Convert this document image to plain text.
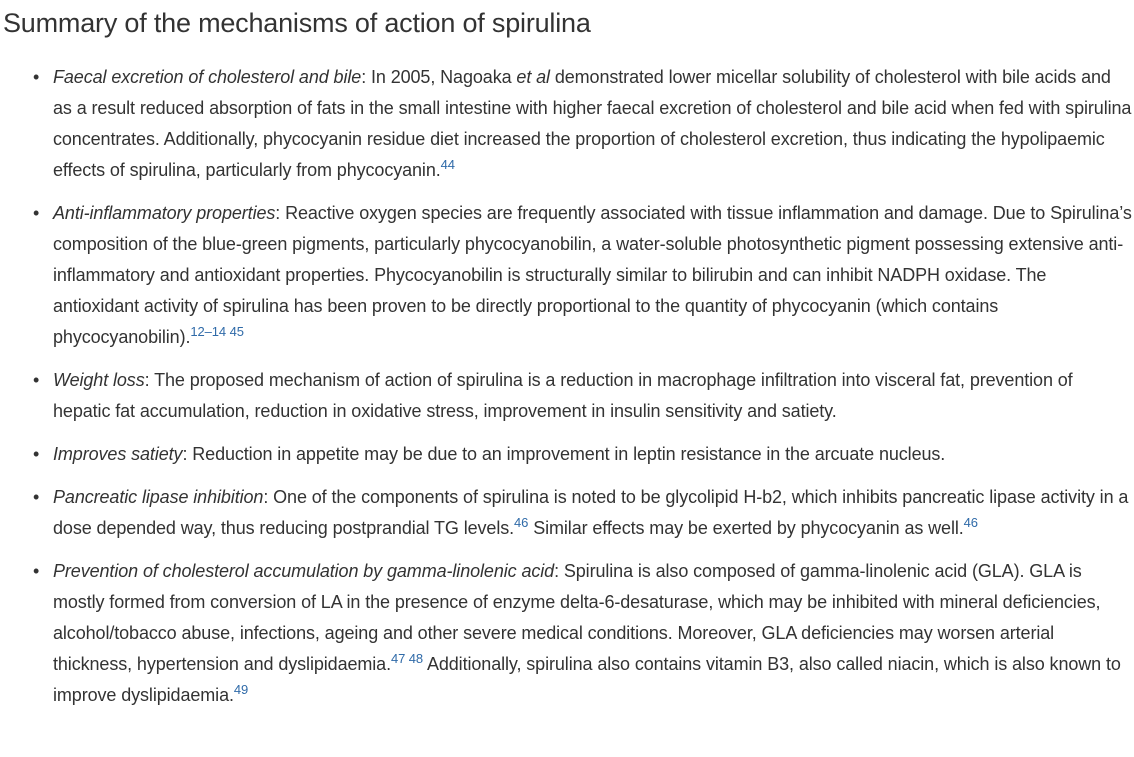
Summary of the mechanisms of action of spirulina
• Faecal excretion of cholesterol and bile: In 2005, Nagoaka et al demonstrated lower micellar solubility of cholesterol with bile acids and as a result reduced absorption of fats in the small intestine with higher faecal excretion of cholesterol and bile acid when fed with spirulina concentrates. Additionally, phycocyanin residue diet increased the proportion of cholesterol excretion, thus indicating the hypolipaemic effects of spirulina, particularly from phycocyanin.$^{44}$
• Anti-inflammatory properties: Reactive oxygen species are frequently associated with tissue inflammation and damage. Due to Spirulina’s composition of the blue-green pigments, particularly phycocyanobilin, a water-soluble photosynthetic pigment possessing extensive anti-inflammatory and antioxidant properties. Phycocyanobilin is structurally similar to bilirubin and can inhibit NADPH oxidase. The antioxidant activity of spirulina has been proven to be directly proportional to the quantity of phycocyanin (which contains phycocyanobilin).$^{12-14 45}$
• Weight loss: The proposed mechanism of action of spirulina is a reduction in macrophage infiltration into visceral fat, prevention of hepatic fat accumulation, reduction in oxidative stress, improvement in insulin sensitivity and satiety.
• Improves satiety: Reduction in appetite may be due to an improvement in leptin resistance in the arcuate nucleus.
• Pancreatic lipase inhibition: One of the components of spirulina is noted to be glycolipid H-b2, which inhibits pancreatic lipase activity in a dose depended way, thus reducing postprandial TG levels.$^{46}$ Similar effects may be exerted by phycocyanin as well.$^{46}$
• Prevention of cholesterol accumulation by gamma-linolenic acid: Spirulina is also composed of gamma-linolenic acid (GLA). GLA is mostly formed from conversion of LA in the presence of enzyme delta-6-desaturase, which may be inhibited with mineral deficiencies, alcohol/tobacco abuse, infections, ageing and other severe medical conditions. Moreover, GLA deficiencies may worsen arterial thickness, hypertension and dyslipidaemia.$^{47 48}$ Additionally, spirulina also contains vitamin B3, also called niacin, which is also known to improve dyslipidaemia.$^{49}$
